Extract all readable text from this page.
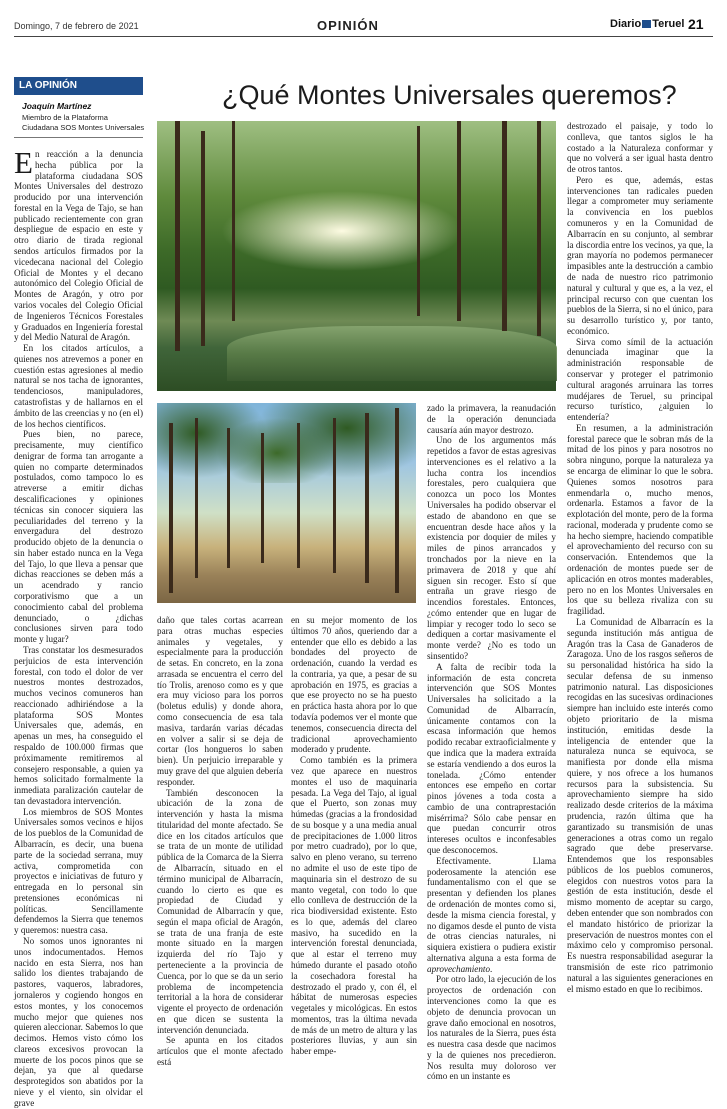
Domingo, 7 de febrero de 2021	OPINIÓN	Diario Teruel 21
LA OPINIÓN
Joaquín Martínez
Miembro de la Plataforma
Ciudadana SOS Montes Universales
¿Qué Montes Universales queremos?

En reacción a la denuncia hecha pública por la plataforma ciudadana SOS Montes Universales del destrozo producido por una intervención forestal en la Vega de Tajo, se han publicado recientemente con gran despliegue de espacio en este y otro diario de tirada regional sendos artículos firmados por la vicedecana nacional del Colegio Oficial de Montes y el decano autonómico del Colegio Oficial de Montes de Aragón, y otro por varios vocales del Colegio Oficial de Ingenieros Técnicos Forestales y Graduados en Ingeniería forestal y del Medio Natural de Aragón.

En los citados artículos, a quienes nos atrevemos a poner en cuestión estas agresiones al medio natural se nos tacha de ignorantes, tendenciosos, manipuladores, catastrofistas y de hallarnos en el ámbito de las creencias y no (en el) de los hechos científicos.

Pues bien, no parece, precisamente, muy científico denigrar de forma tan arrogante a quien no comparte determinados postulados, como tampoco lo es atreverse a emitir dichas descalificaciones y opiniones técnicas sin conocer siquiera las peculiaridades del terreno y la envergadura del destrozo producido objeto de la denuncia o sin haber estado nunca en la Vega del Tajo, lo que lleva a pensar que dichas reacciones se deben más a un acendrado y rancio corporativismo que a un conocimiento cabal del problema denunciado, o ¿dichas conclusiones sirven para todo monte y lugar?

Tras constatar los desmesurados perjuicios de esta intervención forestal, con todo el dolor de ver nuestros montes destrozados, muchos vecinos comuneros han reaccionado adhiriéndose a la plataforma SOS Montes Universales que, además, en apenas un mes, ha conseguido el respaldo de 100.000 firmas que próximamente remitiremos al consejero responsable, a quien ya hemos solicitado formalmente la inmediata paralización cautelar de tan devastadora intervención.

Los miembros de SOS Montes Universales somos vecinos e hijos de los pueblos de la Comunidad de Albarracín, es decir, una buena parte de la sociedad serrana, muy activa, comprometida con proyectos e iniciativas de futuro y entregada en lo personal sin pretensiones económicas ni políticas. Sencillamente defendemos la Sierra que tenemos y queremos: nuestra casa.

No somos unos ignorantes ni unos indocumentados. Hemos nacido en esta Sierra, nos han salido los dientes trabajando de pastores, vaqueros, labradores, jornaleros y cogiendo hongos en estos montes, y los conocemos mucho mejor que quienes nos quieren aleccionar. Sabemos lo que decimos. Hemos visto cómo los clareos excesivos provocan la muerte de los pocos pinos que se dejan, ya que al quedarse desprotegidos son abatidos por la nieve y el viento, sin olvidar el grave

daño que tales cortas acarrean para otras muchas especies animales y vegetales, y especialmente para la producción de setas. En concreto, en la zona arrasada se encuentra el cerro del tío Trolis, arenoso como es y que era muy vicioso para los porros (boletus edulis) y donde ahora, como consecuencia de esa tala masiva, tardarán varias décadas en volver a salir si se deja de cortar (los hongueros lo saben bien). Un perjuicio irreparable y muy grave del que alguien debería responder.

También desconocen la ubicación de la zona de intervención y hasta la misma titularidad del monte afectado. Se dice en los citados artículos que se trata de un monte de utilidad pública de la Comarca de la Sierra de Albarracín, situado en el término municipal de Albarracín, cuando lo cierto es que es propiedad de Ciudad y Comunidad de Albarracín y que, según el mapa oficial de Aragón, se trata de una franja de este monte situado en la margen izquierda del río Tajo y perteneciente a la provincia de Cuenca, por lo que se da un serio problema de incompetencia territorial a la hora de considerar vigente el proyecto de ordenación en que dicen se sustenta la intervención denunciada.

Se apunta en los citados artículos que el monte afectado está

en su mejor momento de los últimos 70 años, queriendo dar a entender que ello es debido a las bondades del proyecto de ordenación, cuando la verdad es la contraria, ya que, a pesar de su aprobación en 1975, es gracias a que ese proyecto no se ha puesto en práctica hasta ahora por lo que todavía podemos ver el monte que tenemos, consecuencia directa del tradicional aprovechamiento moderado y prudente.

Como también es la primera vez que aparece en nuestros montes el uso de maquinaria pesada. La Vega del Tajo, al igual que el Puerto, son zonas muy húmedas (gracias a la frondosidad de su bosque y a una media anual de precipitaciones de 1.000 litros por metro cuadrado), por lo que, salvo en pleno verano, su terreno no admite el uso de este tipo de maquinaria sin el destrozo de su manto vegetal, con todo lo que ello conlleva de destrucción de la rica biodiversidad existente. Esto es lo que, además del clareo masivo, ha sucedido en la intervención forestal denunciada, que al estar el terreno muy húmedo durante el pasado otoño la cosechadora forestal ha destrozado el prado y, con él, el hábitat de numerosas especies vegetales y micológicas. En estos momentos, tras la última nevada de más de un metro de altura y las posteriores lluvias, y aun sin haber empe-

zado la primavera, la reanudación de la operación denunciada causaría aún mayor destrozo.

Uno de los argumentos más repetidos a favor de estas agresivas intervenciones es el relativo a la lucha contra los incendios forestales, pero cualquiera que conozca un poco los Montes Universales ha podido observar el estado de abandono en que se encuentran desde hace años y la existencia por doquier de miles y miles de pinos arrancados y tronchados por la nieve en la primavera de 2018 y que ahí siguen sin recoger. Esto sí que entraña un grave riesgo de incendios forestales. Entonces, ¿cómo entender que en lugar de limpiar y recoger todo lo seco se dediquen a cortar masivamente el monte verde? ¿No es todo un sinsentido?

A falta de recibir toda la información de esta concreta intervención que SOS Montes Universales ha solicitado a la Comunidad de Albarracín, únicamente contamos con la escasa información que hemos podido recabar extraoficialmente y que indica que la madera extraída se estaría vendiendo a dos euros la tonelada. ¿Cómo entender entonces ese empeño en cortar pinos jóvenes a toda costa a cambio de una contraprestación misérrima? Sólo cabe pensar en que puedan concurrir otros intereses ocultos e inconfesables que desconocemos.

Efectivamente. Llama poderosamente la atención ese fundamentalismo con el que se presentan y defienden los planes de ordenación de montes como si, desde la misma ciencia forestal, y no digamos desde el punto de vista de otras ciencias naturales, ni siquiera existiera o pudiera existir alternativa alguna a esta forma de aprovechamiento.

Por otro lado, la ejecución de los proyectos de ordenación con intervenciones como la que es objeto de denuncia provocan un grave daño emocional en nosotros, los naturales de la Sierra, pues ésta es nuestra casa desde que nacimos y la de quienes nos precedieron. Nos resulta muy doloroso ver cómo en un instante es

destrozado el paisaje, y todo lo conlleva, que tantos siglos le ha costado a la Naturaleza conformar y que no volverá a ser igual hasta dentro de otros tantos.

Pero es que, además, estas intervenciones tan radicales pueden llegar a comprometer muy seriamente la convivencia en los pueblos comuneros y en la Comunidad de Albarracín en su conjunto, al sembrar la discordia entre los vecinos, ya que, la gran mayoría no podemos permanecer impasibles ante la destrucción a cambio de nada de nuestro rico patrimonio natural y cultural y que es, a la vez, el principal recurso con que cuentan los pueblos de la Sierra, si no el único, para su desarrollo turístico y, por tanto, económico.

Sirva como símil de la actuación denunciada imaginar que la administración responsable de conservar y proteger el patrimonio cultural aragonés arruinara las torres mudéjares de Teruel, su principal recurso turístico, ¿alguien lo entendería?

En resumen, a la administración forestal parece que le sobran más de la mitad de los pinos y para nosotros no sobra ninguno, porque la naturaleza ya se encarga de eliminar lo que le sobra. Quienes somos nosotros para enmendarla o, mucho menos, ordenarla. Estamos a favor de la explotación del monte, pero de la forma racional, moderada y prudente como se ha hecho siempre, haciendo compatible el aprovechamiento del recurso con su conservación. Entendemos que la ordenación de montes puede ser de aplicación en otros montes maderables, pero no en los Montes Universales en los que su belleza rivaliza con su fragilidad.

La Comunidad de Albarracín es la segunda institución más antigua de Aragón tras la Casa de Ganaderos de Zaragoza. Uno de los rasgos señeros de su personalidad histórica ha sido la secular defensa de su inmenso patrimonio natural. Las disposiciones recogidas en las sucesivas ordinaciones siempre han incluido este interés como objeto prioritario de la misma institución, emitidas desde la inteligencia de entender que la naturaleza nunca se equivoca, se manifiesta por donde ella misma quiere, y nos ofrece a los humanos recursos para la subsistencia. Su aprovechamiento siempre ha sido realizado desde criterios de la máxima prudencia, razón última que ha garantizado su transmisión de unas generaciones a otras como un regalo sagrado que debe preservarse. Entendemos que los responsables públicos de los pueblos comuneros, elegidos con nuestros votos para la gestión de esta institución, desde el mismo momento de aceptar su cargo, deben entender que son nombrados con el mandato histórico de priorizar la preservación de nuestros montes con el máximo celo y compromiso personal. Es nuestra responsabilidad asegurar la transmisión de este rico patrimonio natural a las siguientes generaciones en el mismo estado en que lo recibimos.
